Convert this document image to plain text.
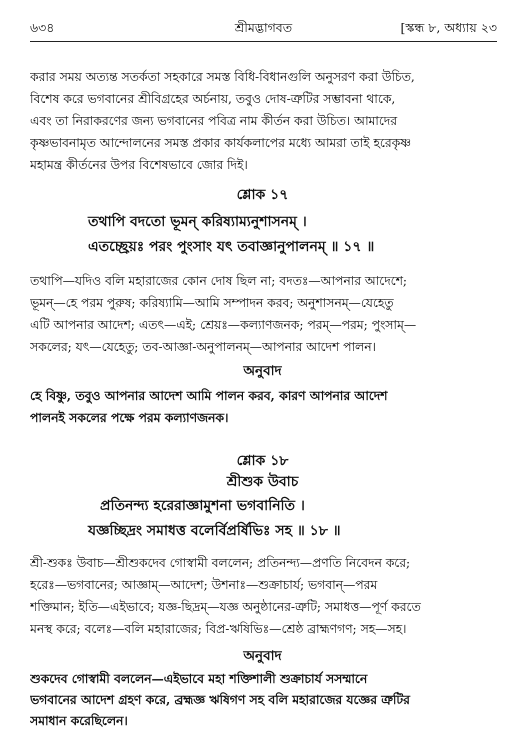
৬৩৪	শ্রীমদ্ভাগবত	[স্কন্ধ ৮, অধ্যায় ২৩
করার সময় অত্যন্ত সতর্কতা সহকারে সমস্ত বিধি-বিধানগুলি অনুসরণ করা উচিত,
বিশেষ করে ভগবানের শ্রীবিগ্রহের অর্চনায়, তবুও দোষ-ত্রুটির সম্ভাবনা থাকে,
এবং তা নিরাকরণের জন্য ভগবানের পবিত্র নাম কীর্তন করা উচিত। আমাদের
কৃষ্ণভাবনামৃত আন্দোলনের সমস্ত প্রকার কার্যকলাপের মধ্যে আমরা তাই হরেকৃষ্ণ
মহামন্ত্র কীর্তনের উপর বিশেষভাবে জোর দিই।
শ্লোক ১৭
তথাপি বদতো ভূমন্ করিষ্যাম্যনুশাসনম্ ।
এতচ্ছ্রেয়ঃ পরং পুংসাং যৎ তবাজ্ঞানুপালনম্ ॥ ১৭ ॥
তথাপি—যদিও বলি মহারাজের কোন দোষ ছিল না; বদতঃ—আপনার আদেশে;
ভূমন্—হে পরম পুরুষ; করিষ্যামি—আমি সম্পাদন করব; অনুশাসনম্—যেহেতু
এটি আপনার আদেশ; এতৎ—এই; শ্রেয়ঃ—কল্যাণজনক; পরম্—পরম; পুংসাম্—
সকলের; যৎ—যেহেতু; তব-আজ্ঞা-অনুপালনম্—আপনার আদেশ পালন।
অনুবাদ
হে বিষ্ণু, তবুও আপনার আদেশ আমি পালন করব, কারণ আপনার আদেশ
পালনই সকলের পক্ষে পরম কল্যাণজনক।
শ্লোক ১৮
শ্রীশুক উবাচ
প্রতিনন্দ্য হরেরাজ্ঞামুশনা ভগবানিতি ।
যজ্ঞচ্ছিদ্রং সমাধত্ত বলের্বিপ্রর্ষিভিঃ সহ ॥ ১৮ ॥
শ্রী-শুকঃ উবাচ—শ্রীশুকদেব গোস্বামী বললেন; প্রতিনন্দ্য—প্রণতি নিবেদন করে;
হরেঃ—ভগবানের; আজ্ঞাম্—আদেশ; উশনাঃ—শুক্রাচার্য; ভগবান্—পরম
শক্তিমান; ইতি—এইভাবে; যজ্ঞ-ছিদ্রম্—যজ্ঞ অনুষ্ঠানের-ত্রুটি; সমাধত্ত—পূর্ণ করতে
মনস্থ করে; বলেঃ—বলি মহারাজের; বিপ্র-ঋষিভিঃ—শ্রেষ্ঠ ব্রাহ্মণগণ; সহ—সহ।
অনুবাদ
শুকদেব গোস্বামী বললেন—এইভাবে মহা শক্তিশালী শুক্রাচার্য সসম্মানে
ভগবানের আদেশ গ্রহণ করে, ব্রহ্মজ্ঞ ঋষিগণ সহ বলি মহারাজের যজ্ঞের ত্রুটির
সমাধান করেছিলেন।
